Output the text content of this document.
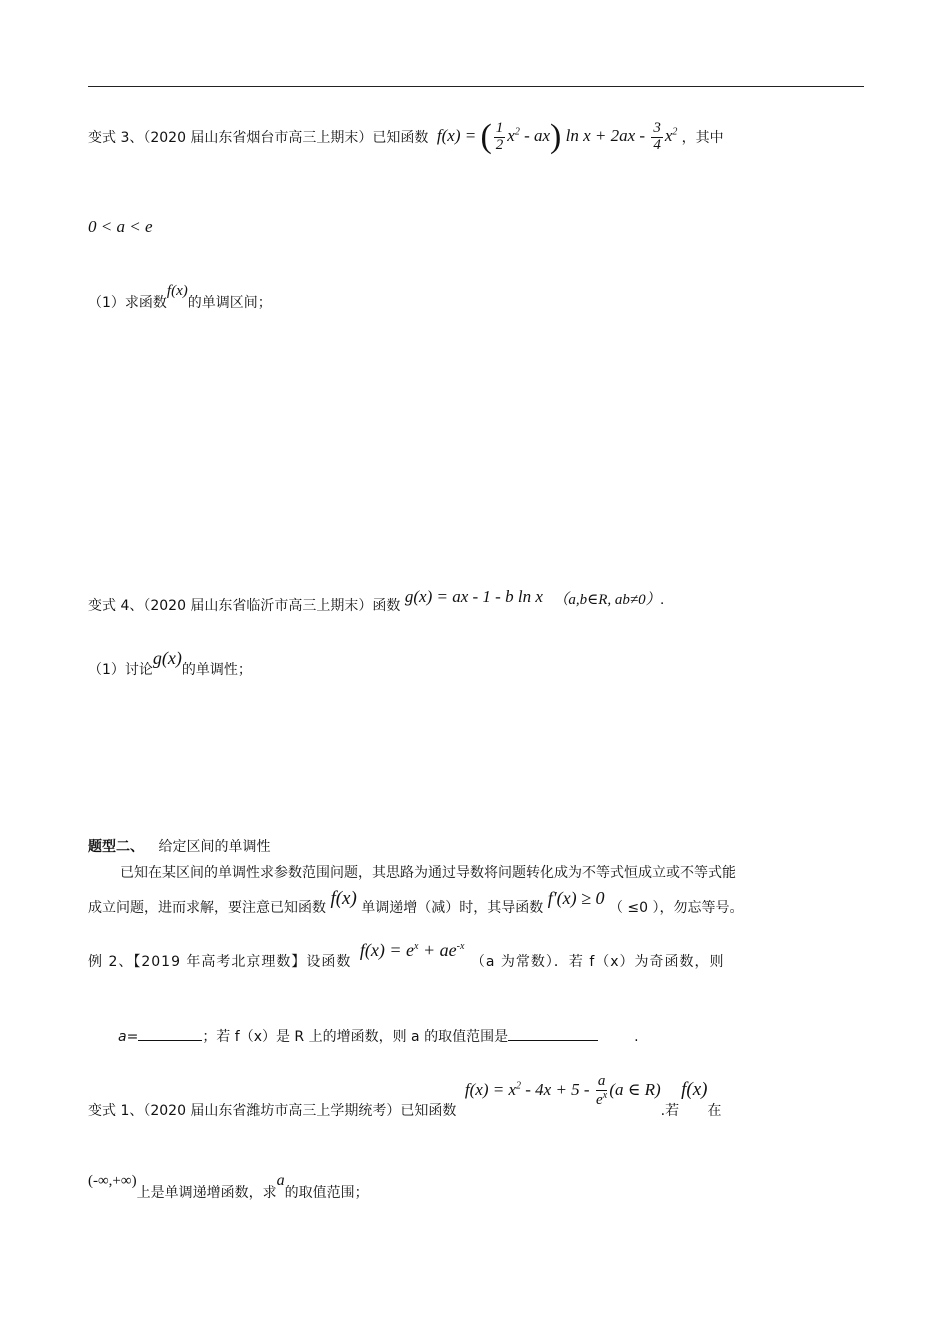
变式 3、（2020 届山东省烟台市高三上期末）已知函数 f(x) = ( $\frac{1}{2} x^2 - ax$) $\ln x + 2ax - \frac{3}{4} x^2$ ，其中
0 < a < e
（1）求函数f(x)的单调区间；
变式 4、（2020 届山东省临沂市高三上期末）函数 g(x) = ax - 1 - b ln x （a,b∈R, ab≠0）.
（1）讨论g(x)的单调性；
题型二、 给定区间的单调性
已知在某区间的单调性求参数范围问题，其思路为通过导数将问题转化成为不等式恒成立或不等式能
成立问题，进而求解，要注意已知函数 f(x) 单调递增（减）时，其导函数 f′(x) ≥ 0 （ ≤0 ），勿忘等号。
例 2、【2019 年高考北京理数】设函数 $f(x) = e^x + ae^{-x}$ （a 为常数）．若 f（x）为奇函数，则
a=	；若 f（x）是 R 上的增函数，则 a 的取值范围是	.
变式 1、（2020 届山东省潍坊市高三上学期统考）已知函数 $f(x) = x^2 - 4x + 5 - \frac{a}{e^x} (a$ ∈ R).若f(x)在
(-∞,+∞)上是单调递增函数，求a的取值范围；
